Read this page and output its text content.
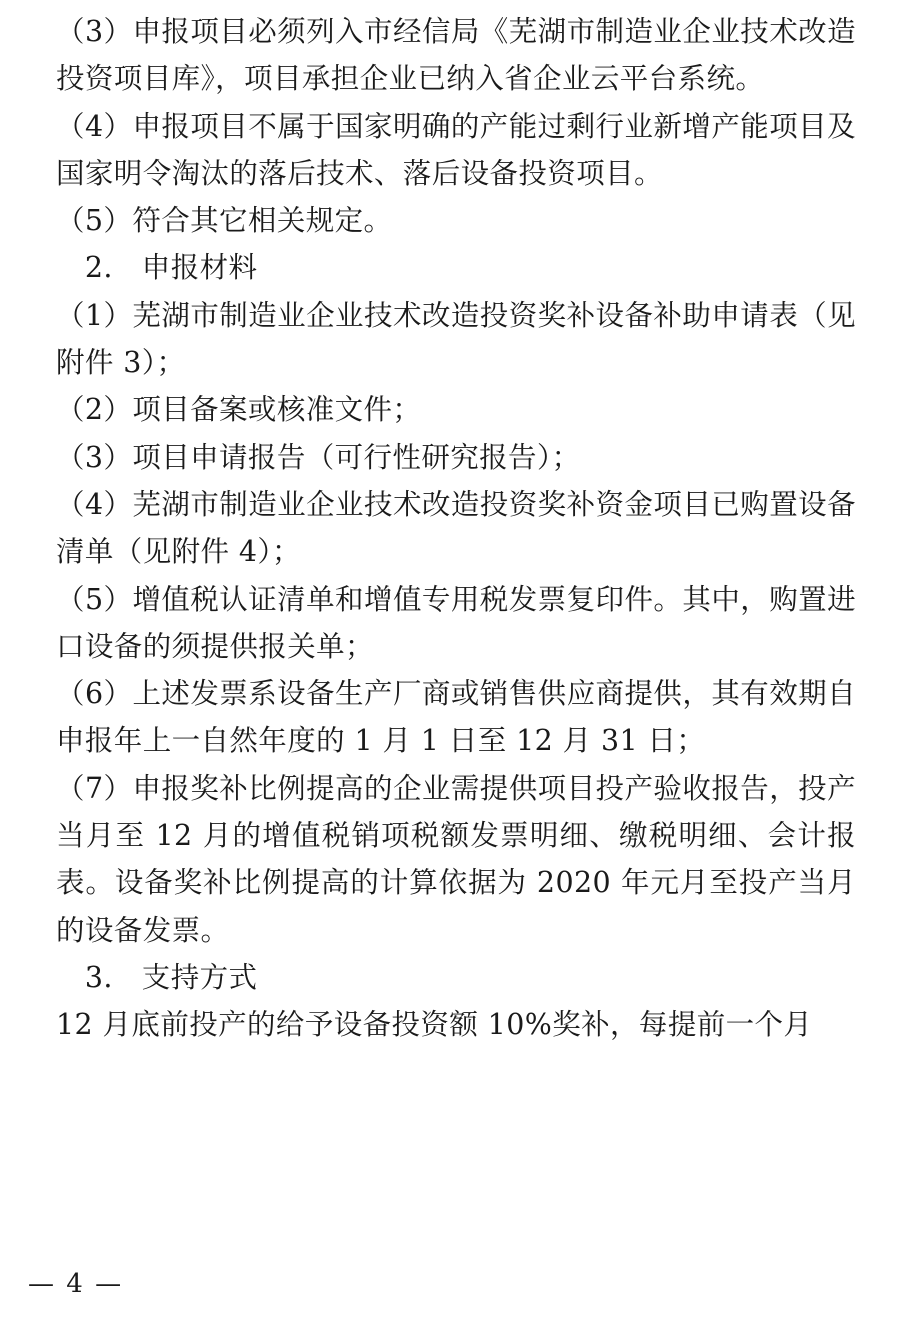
（3）申报项目必须列入市经信局《芜湖市制造业企业技术改造投资项目库》，项目承担企业已纳入省企业云平台系统。

（4）申报项目不属于国家明确的产能过剩行业新增产能项目及国家明令淘汰的落后技术、落后设备投资项目。

（5）符合其它相关规定。

　2.　申报材料

（1）芜湖市制造业企业技术改造投资奖补设备补助申请表（见附件 3）；

（2）项目备案或核准文件；

（3）项目申请报告（可行性研究报告）；

（4）芜湖市制造业企业技术改造投资奖补资金项目已购置设备清单（见附件 4）；

（5）增值税认证清单和增值专用税发票复印件。其中，购置进口设备的须提供报关单；

（6）上述发票系设备生产厂商或销售供应商提供，其有效期自申报年上一自然年度的 1 月 1 日至 12 月 31 日；

（7）申报奖补比例提高的企业需提供项目投产验收报告，投产当月至 12 月的增值税销项税额发票明细、缴税明细、会计报表。设备奖补比例提高的计算依据为 2020 年元月至投产当月的设备发票。

　3.　支持方式

12 月底前投产的给予设备投资额 10%奖补，每提前一个月

— 4 —
